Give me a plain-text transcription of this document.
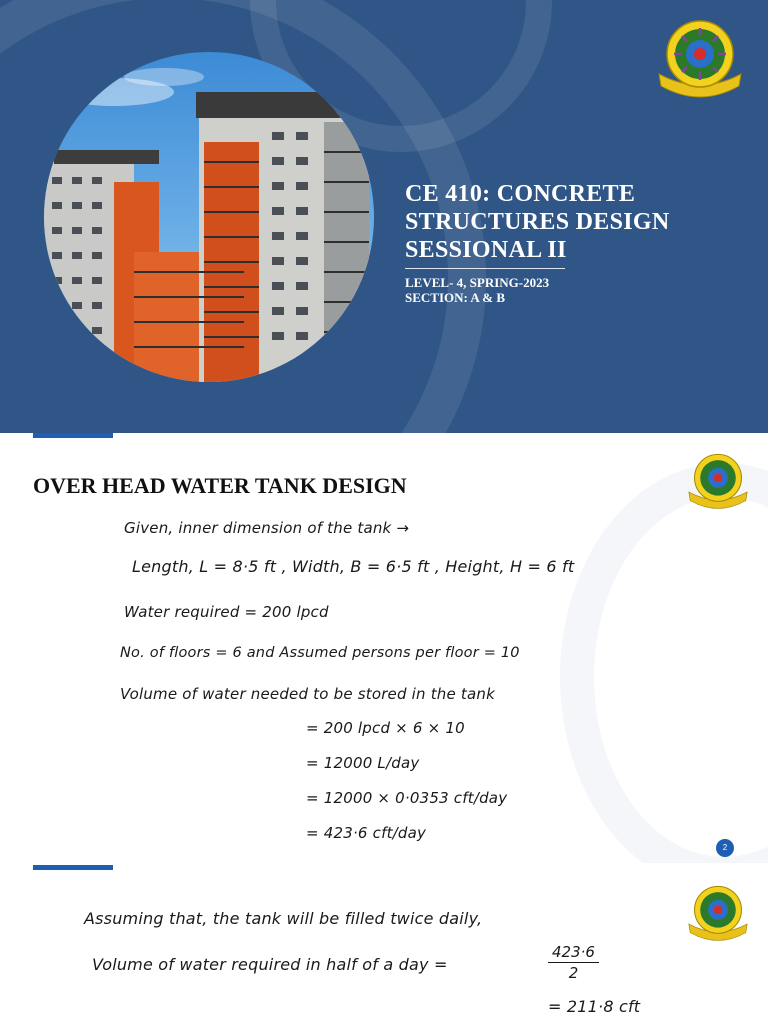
CE 410: CONCRETE
STRUCTURES DESIGN
SESSIONAL II
LEVEL- 4, SPRING-2023
SECTION: A & B
OVER HEAD WATER TANK DESIGN
Given, inner dimension of the tank →
Length, L = 8·5 ft , Width, B = 6·5 ft , Height, H = 6 ft
Water required = 200 lpcd
No. of floors = 6 and Assumed persons per floor = 10
Volume of water needed to be stored in the tank
= 200 lpcd × 6 × 10
= 12000 L/day
= 12000 × 0·0353 cft/day
= 423·6 cft/day
2
Assuming that, the tank will be filled twice daily,
Volume of water required in half of a day =	$\frac{423\cdot 6}{2}$
= 211·8 cft
